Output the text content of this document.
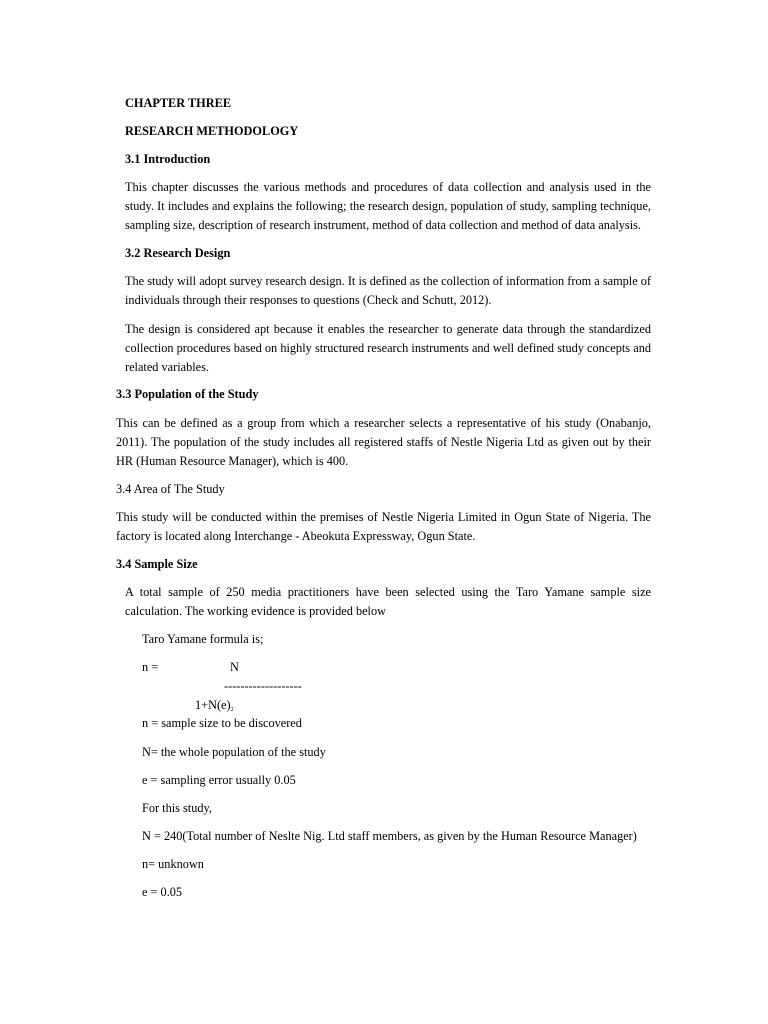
CHAPTER THREE

RESEARCH METHODOLOGY

3.1 Introduction

This chapter discusses the various methods and procedures of data collection and analysis used in the study. It includes and explains the following; the research design, population of study, sampling technique, sampling size, description of research instrument, method of data collection and method of data analysis.

3.2 Research Design

The study will adopt survey research design. It is defined as the collection of information from a sample of individuals through their responses to questions (Check and Schutt, 2012).

The design is considered apt because it enables the researcher to generate data through the standardized collection procedures based on highly structured research instruments and well defined study concepts and related variables.

3.3 Population of the Study

This can be defined as a group from which a researcher selects a representative of his study (Onabanjo, 2011). The population of the study includes all registered staffs of Nestle Nigeria Ltd as given out by their HR (Human Resource Manager), which is 400.

3.4 Area of The Study

This study will be conducted within the premises of Nestle Nigeria Limited in Ogun State of Nigeria. The factory is located along Interchange - Abeokuta Expressway, Ogun State.

3.4 Sample Size

A total sample of 250 media practitioners have been selected using the Taro Yamane sample size calculation. The working evidence is provided below

Taro Yamane formula is;

n =	N

-------------------

$1+N(e)_2$

n = sample size to be discovered

N= the whole population of the study

e = sampling error usually 0.05

For this study,

N = 240(Total number of Neslte Nig. Ltd staff members, as given by the Human Resource Manager)

n= unknown

e = 0.05
